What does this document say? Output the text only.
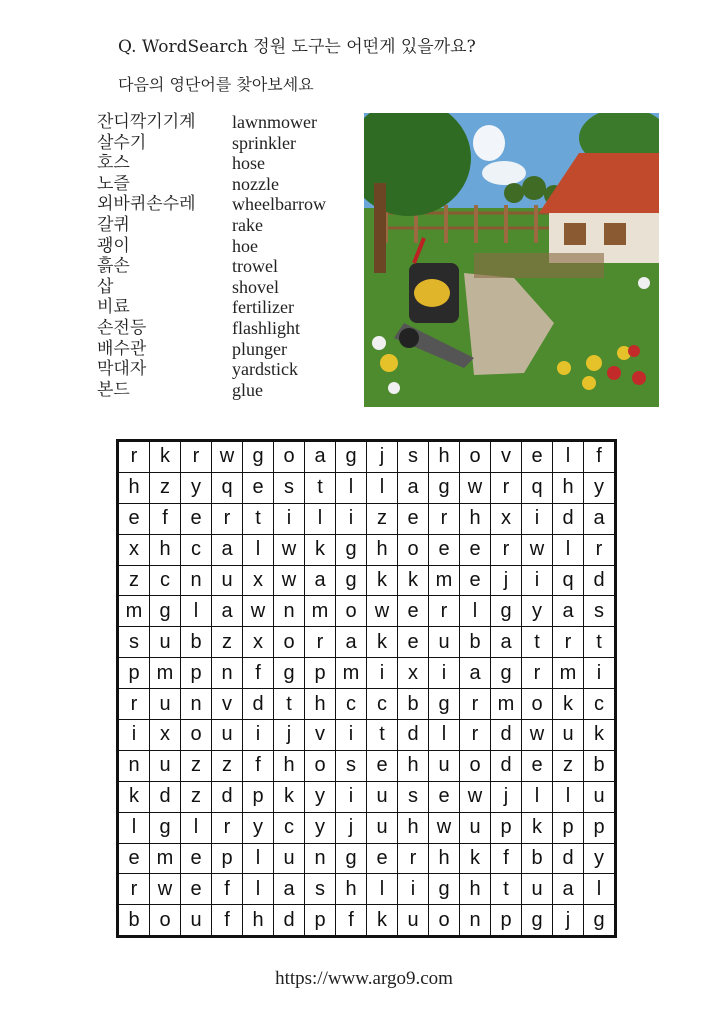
Q. WordSearch 정원 도구는 어떤게 있을까요?
다음의 영단어를 찾아보세요
잔디깍기기계	lawnmower
살수기	sprinkler
호스	hose
노즐	nozzle
외바퀴손수레	wheelbarrow
갈퀴	rake
괭이	hoe
흙손	trowel
삽	shovel
비료	fertilizer
손전등	flashlight
배수관	plunger
막대자	yardstick
본드	glue
r	k	r	w g o a g	j	s	h o	v	e	l	f
h	z	y	q e	s	t	l	l	a g w	r	q h	y
e	f	e	r	t	i	l	i	z	e	r	h	x	i	d a
x	h	c	a	l	w k	g h o e e	r	w	l	r
z	c	n u	x w a g	k	k m e	j	i	q d
m g	l	a w n m o w e	r	l	g	y	a	s
s	u b	z	x	o	r	a	k	e u b a	t	r	t
p m p n	f	g p m	i	x	i	a g	r m	i
r	u n	v	d	t	h	c	c	b g	r m o	k	c
i	x	o u	i	j	v	i	t	d	l	r	d w u	k
n u	z	z	f	h o	s	e h u o d e	z	b
k	d	z	d p	k	y	i	u	s	e w	j	l	l	u
l	g	l	r	y	c	y	j	u h w u p	k	p p
e m e p	l	u n g e	r	h	k	f	b d	y
r	w e	f	l	a	s	h	l	i	g h	t	u a	l
b o u	f	h d p	f	k	u o n p g	j	g
https://www.argo9.com
